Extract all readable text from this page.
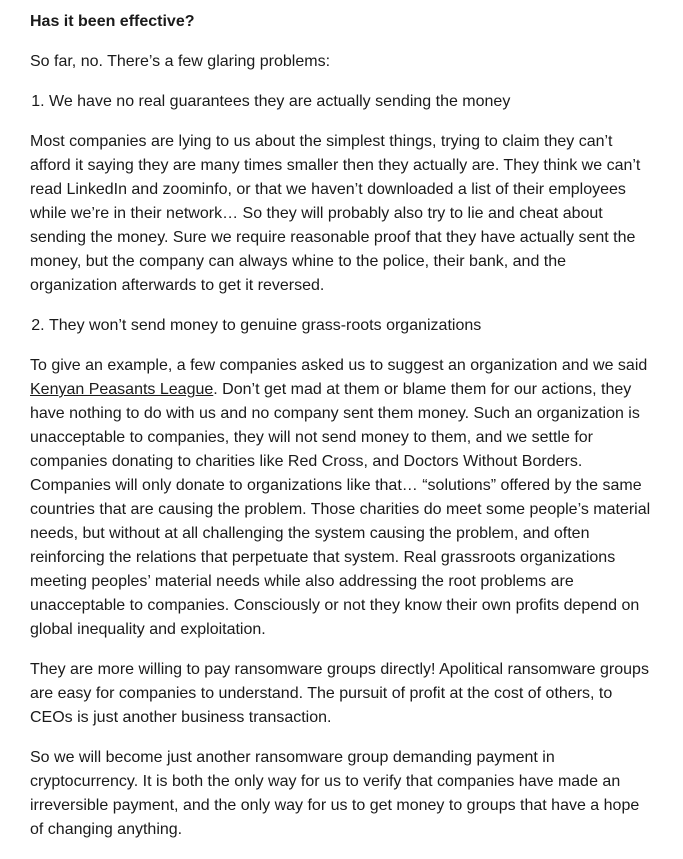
Has it been effective?

So far, no. There’s a few glaring problems:

1. We have no real guarantees they are actually sending the money

Most companies are lying to us about the simplest things, trying to claim they can’t afford it saying they are many times smaller then they actually are. They think we can’t read LinkedIn and zoominfo, or that we haven’t downloaded a list of their employees while we’re in their network… So they will probably also try to lie and cheat about sending the money. Sure we require reasonable proof that they have actually sent the money, but the company can always whine to the police, their bank, and the organization afterwards to get it reversed.

2. They won’t send money to genuine grass-roots organizations

To give an example, a few companies asked us to suggest an organization and we said Kenyan Peasants League. Don’t get mad at them or blame them for our actions, they have nothing to do with us and no company sent them money. Such an organization is unacceptable to companies, they will not send money to them, and we settle for companies donating to charities like Red Cross, and Doctors Without Borders. Companies will only donate to organizations like that… “solutions” offered by the same countries that are causing the problem. Those charities do meet some people’s material needs, but without at all challenging the system causing the problem, and often reinforcing the relations that perpetuate that system. Real grassroots organizations meeting peoples’ material needs while also addressing the root problems are unacceptable to companies. Consciously or not they know their own profits depend on global inequality and exploitation.

They are more willing to pay ransomware groups directly! Apolitical ransomware groups are easy for companies to understand. The pursuit of profit at the cost of others, to CEOs is just another business transaction.

So we will become just another ransomware group demanding payment in cryptocurrency. It is both the only way for us to verify that companies have made an irreversible payment, and the only way for us to get money to groups that have a hope of changing anything.
